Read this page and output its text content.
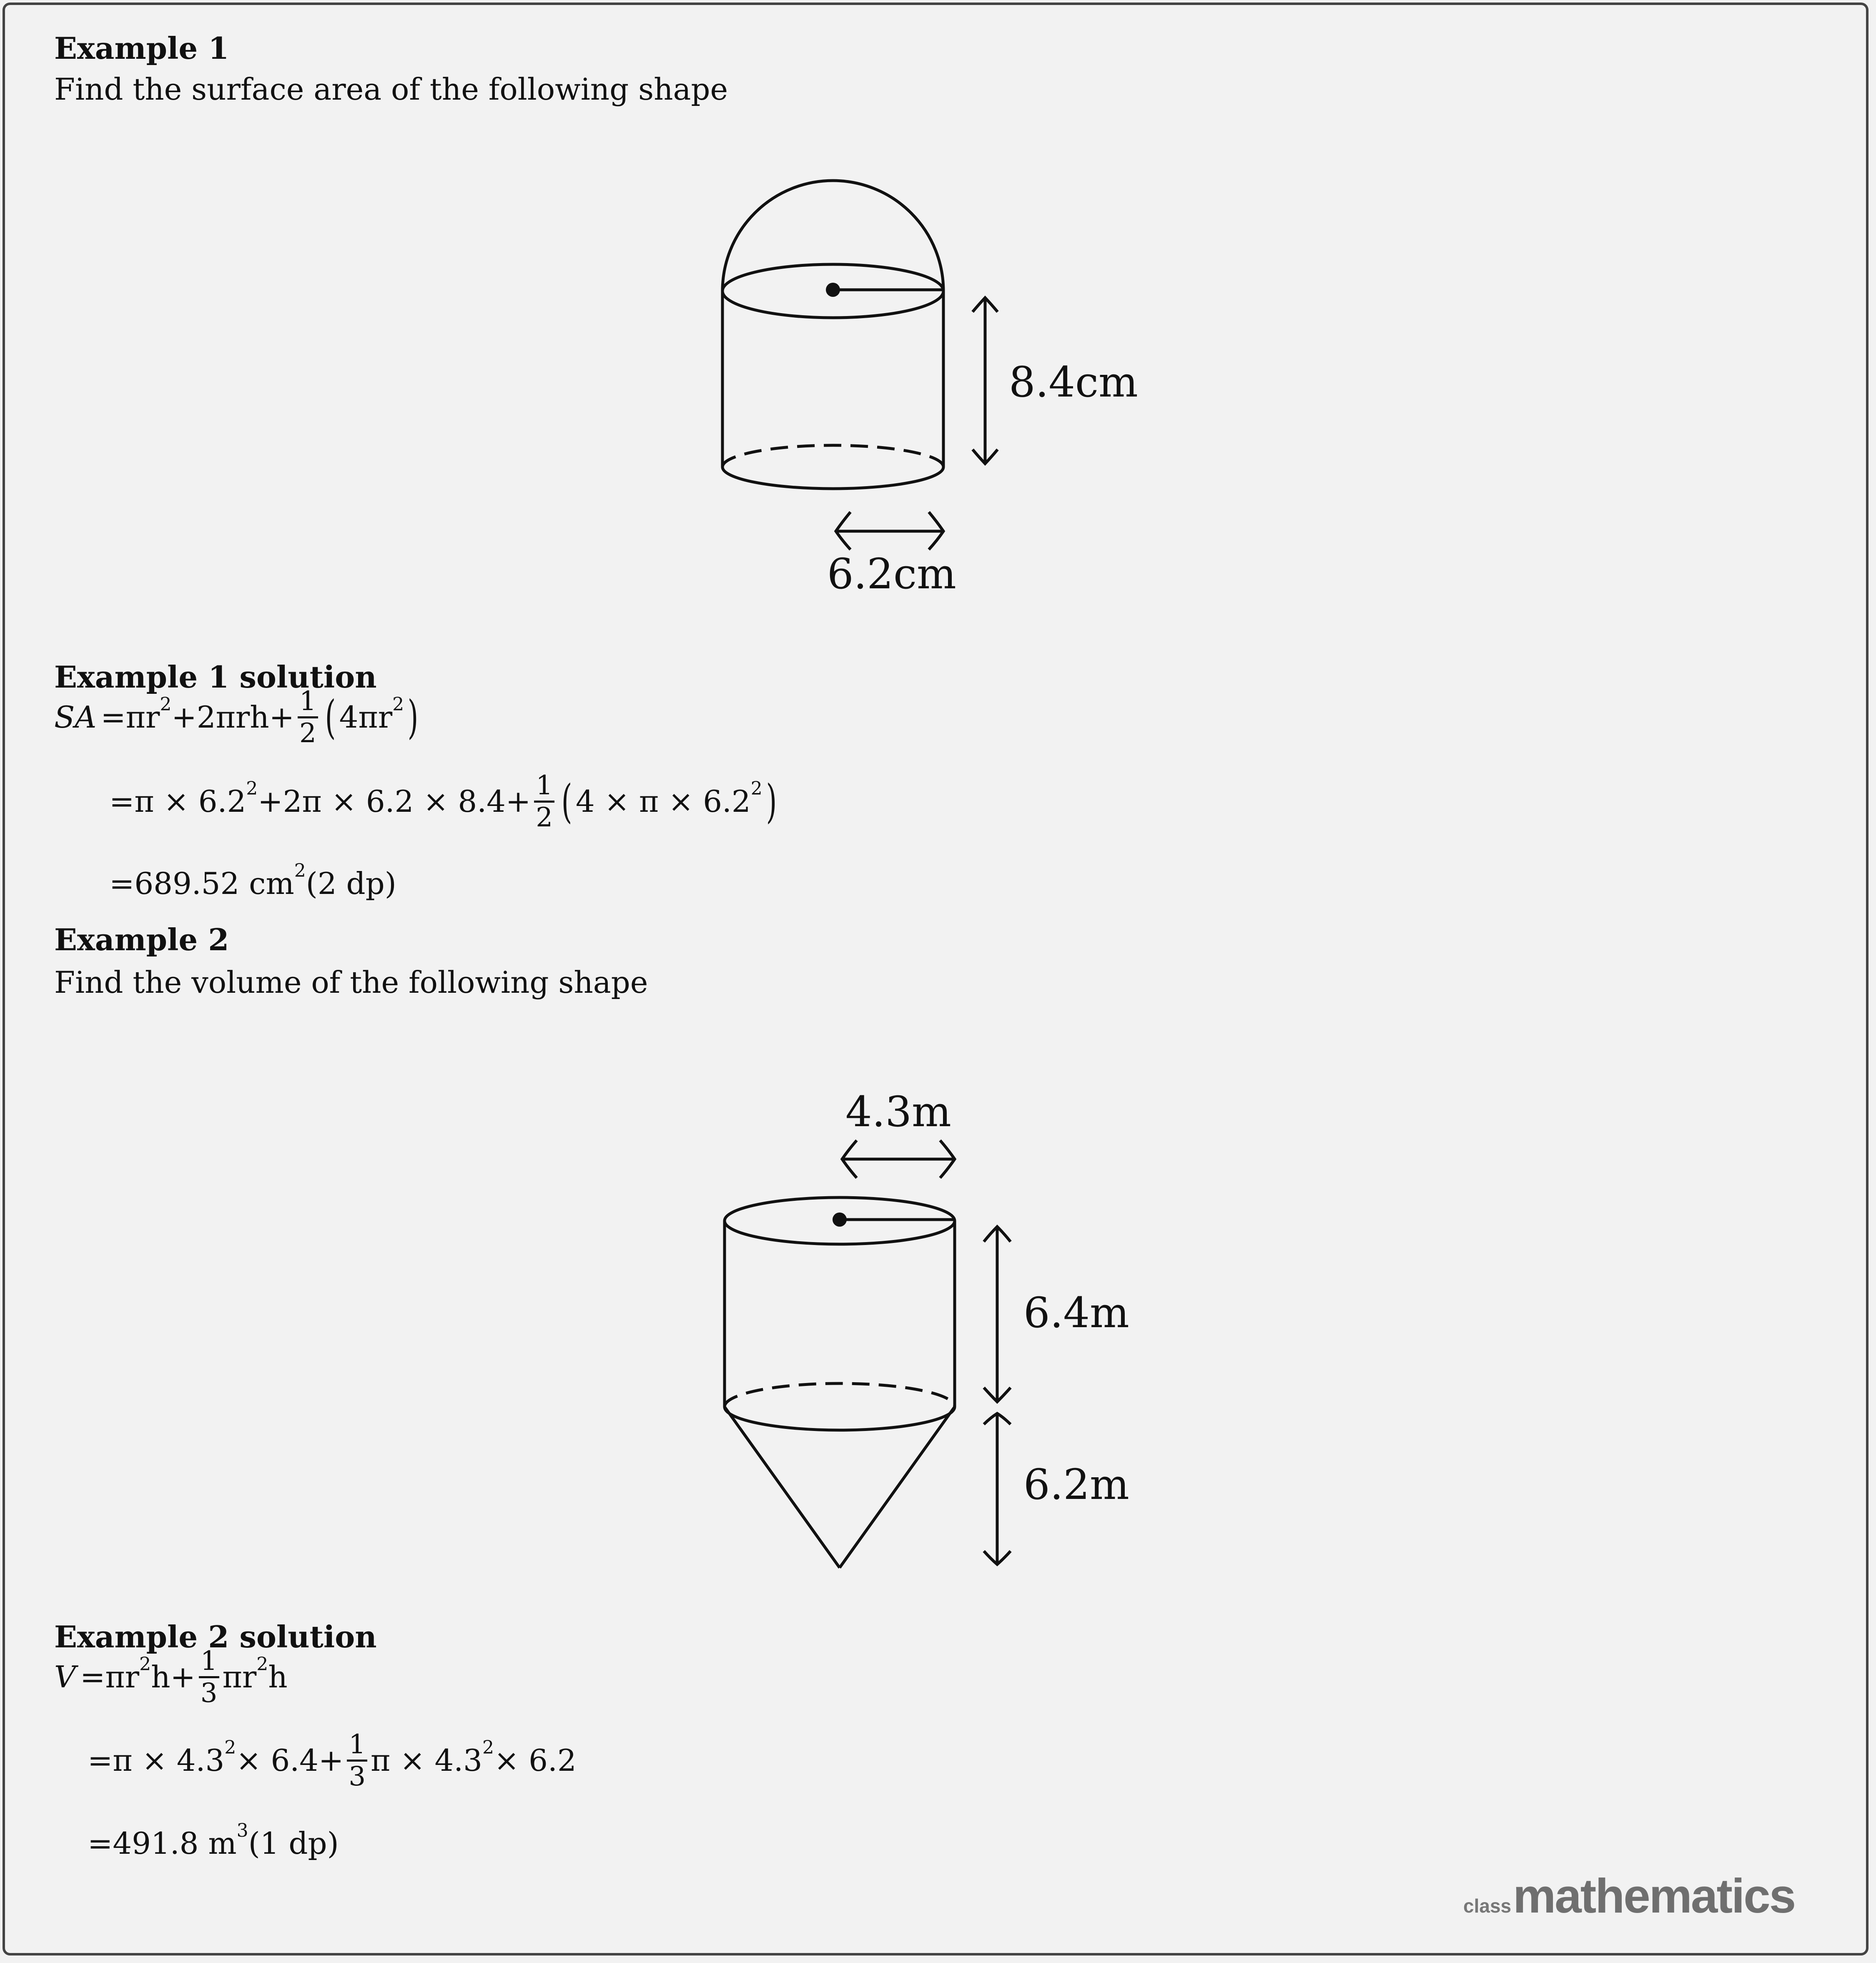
Example 1
Find the surface area of the following shape
8.4cm
6.2cm
Example 1 solution
SA = $\pi r^2 +2\pi rh+ \frac{1}{2}$ ( $4\pi r^2$ )
= $\pi \times 6.2^2 +2\pi \times 6.2 \times 8.4+ \frac{1}{2}$ ( $4 \times \pi \times 6.2^2$ )
= 689.52 $cm^2$ (2 dp)
Example 2
Find the volume of the following shape
4.3m
6.4m
6.2m
Example 2 solution
$V = \pi r^2$ $h+ \frac{1}{3} \pi r^2$ h
= $\pi \times 4.3^2 \times 6.4+ \frac{1}{3}$ $\pi \times 4.3^2 \times 6.2$
= 491.8 $m^3$ (1 dp)
class mathematics
